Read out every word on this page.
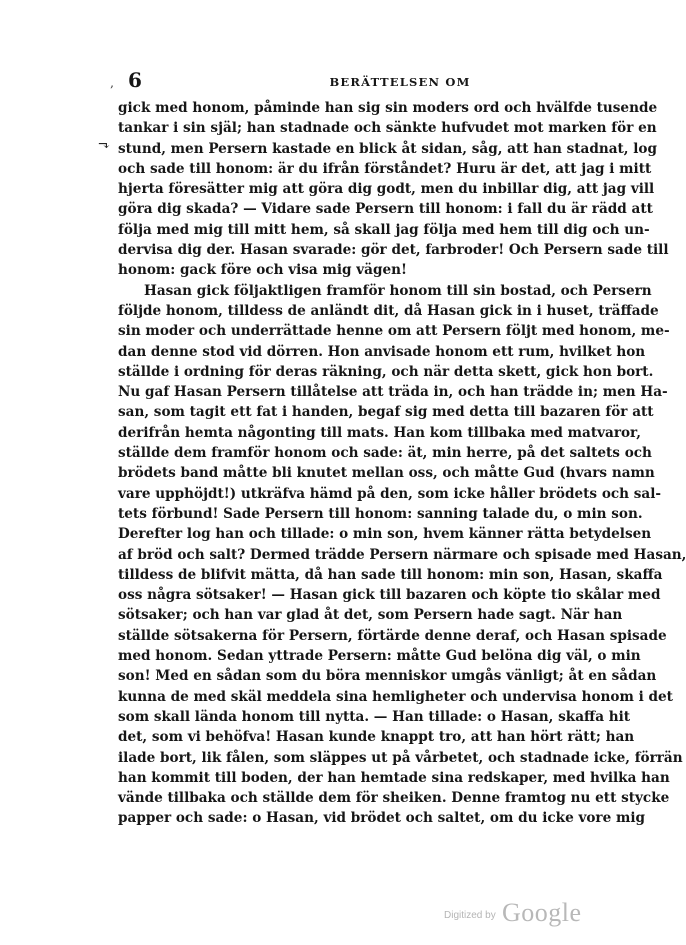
‚ 6	BERÄTTELSEN OM
⬎
gick med honom, påminde han sig sin moders ord och hvälfde tusende
tankar i sin själ; han stadnade och sänkte hufvudet mot marken för en
stund, men Persern kastade en blick åt sidan, såg, att han stadnat, log
och sade till honom: är du ifrån förståndet? Huru är det, att jag i mitt
hjerta föresätter mig att göra dig godt, men du inbillar dig, att jag vill
göra dig skada? — Vidare sade Persern till honom: i fall du är rädd att
följa med mig till mitt hem, så skall jag följa med hem till dig och un-
dervisa dig der. Hasan svarade: gör det, farbroder! Och Persern sade till
honom: gack före och visa mig vägen!
Hasan gick följaktligen framför honom till sin bostad, och Persern
följde honom, tilldess de anländt dit, då Hasan gick in i huset, träffade
sin moder och underrättade henne om att Persern följt med honom, me-
dan denne stod vid dörren. Hon anvisade honom ett rum, hvilket hon
ställde i ordning för deras räkning, och när detta skett, gick hon bort.
Nu gaf Hasan Persern tillåtelse att träda in, och han trädde in; men Ha-
san, som tagit ett fat i handen, begaf sig med detta till bazaren för att
derifrån hemta någonting till mats. Han kom tillbaka med matvaror,
ställde dem framför honom och sade: ät, min herre, på det saltets och
brödets band måtte bli knutet mellan oss, och måtte Gud (hvars namn
vare upphöjdt!) utkräfva hämd på den, som icke håller brödets och sal-
tets förbund! Sade Persern till honom: sanning talade du, o min son.
Derefter log han och tillade: o min son, hvem känner rätta betydelsen
af bröd och salt? Dermed trädde Persern närmare och spisade med Hasan,
tilldess de blifvit mätta, då han sade till honom: min son, Hasan, skaffa
oss några sötsaker! — Hasan gick till bazaren och köpte tio skålar med
sötsaker; och han var glad åt det, som Persern hade sagt. När han
ställde sötsakerna för Persern, förtärde denne deraf, och Hasan spisade
med honom. Sedan yttrade Persern: måtte Gud belöna dig väl, o min
son! Med en sådan som du böra menniskor umgås vänligt; åt en sådan
kunna de med skäl meddela sina hemligheter och undervisa honom i det
som skall lända honom till nytta. — Han tillade: o Hasan, skaffa hit
det, som vi behöfva! Hasan kunde knappt tro, att han hört rätt; han
ilade bort, lik fålen, som släppes ut på vårbetet, och stadnade icke, förrän
han kommit till boden, der han hemtade sina redskaper, med hvilka han
vände tillbaka och ställde dem för sheiken. Denne framtog nu ett stycke
papper och sade: o Hasan, vid brödet och saltet, om du icke vore mig
Digitized by Google
